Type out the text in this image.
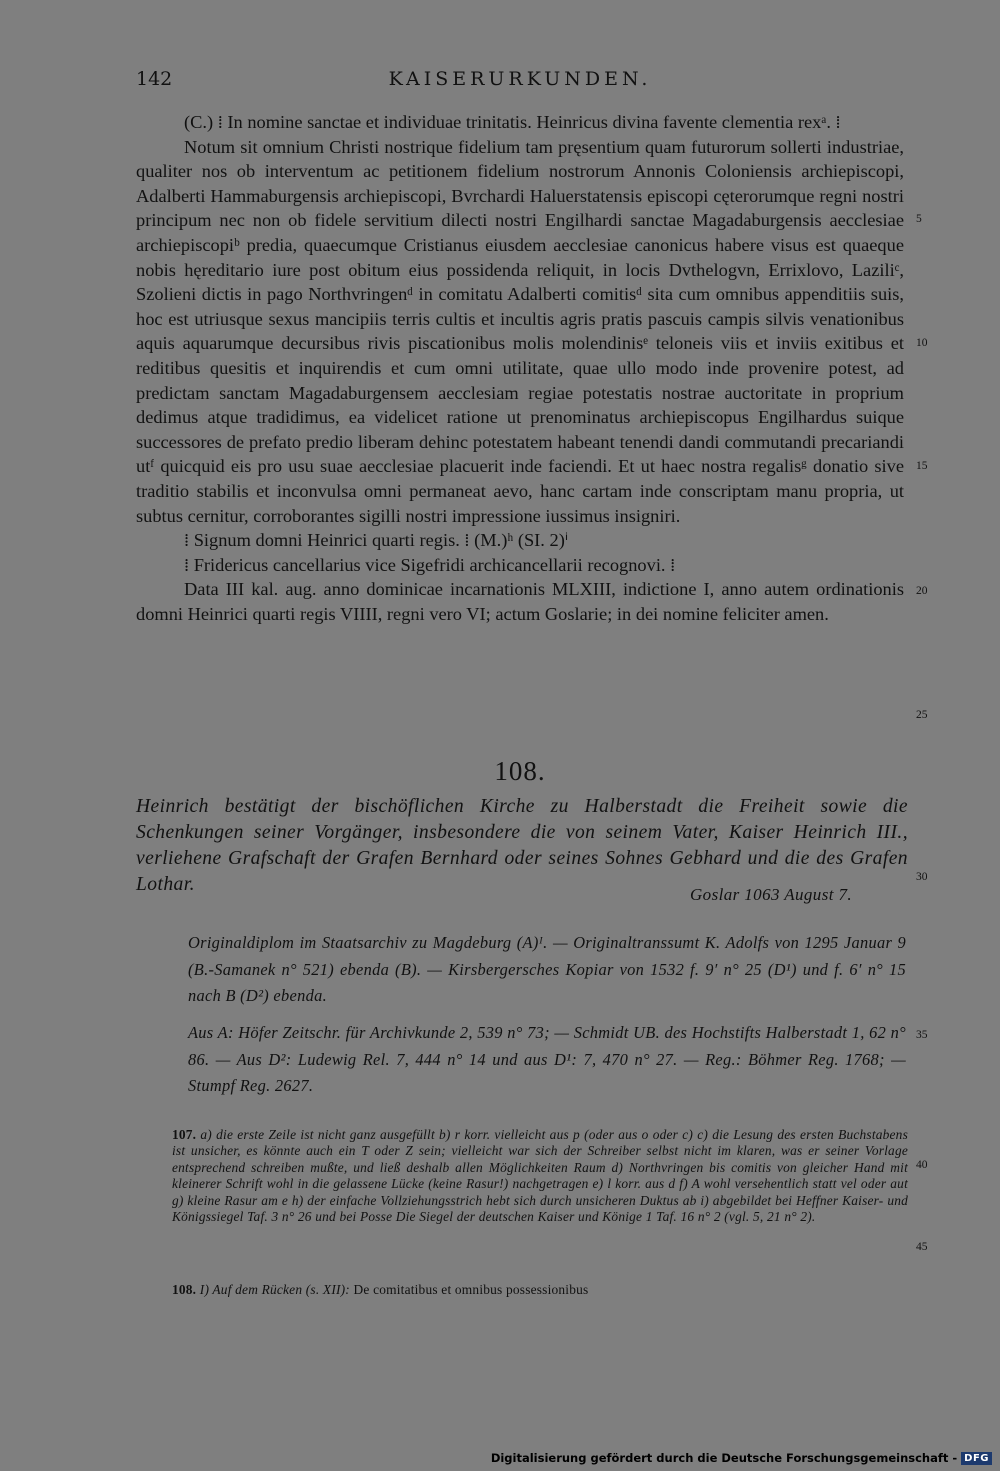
142	KAISERURKUNDEN.

(C.) ⁞ In nomine sanctae et individuae trinitatis. Heinricus divina favente clementia rexᵃ. ⁞

Notum sit omnium Christi nostrique fidelium tam pręsentium quam futurorum sollerti industriae, qualiter nos ob interventum ac petitionem fidelium nostrorum Annonis Coloniensis archiepiscopi, Adalberti Hammaburgensis archiepiscopi, Bvrchardi Haluerstatensis episcopi cęterorumque regni nostri principum nec non ob fidele servitium dilecti nostri Engilhardi sanctae Magadaburgensis aecclesiae archiepiscopiᵇ predia, quaecumque Cristianus eiusdem aecclesiae canonicus habere visus est quaeque nobis hęreditario iure post obitum eius possidenda reliquit, in locis Dvthelogvn, Errixlovo, Laziliᶜ, Szolieni dictis in pago Northvringenᵈ in comitatu Adalberti comitisᵈ sita cum omnibus appenditiis suis, hoc est utriusque sexus mancipiis terris cultis et incultis agris pratis pascuis campis silvis venationibus aquis aquarumque decursibus rivis piscationibus molis molendinisᵉ teloneis viis et inviis exitibus et reditibus quesitis et inquirendis et cum omni utilitate, quae ullo modo inde provenire potest, ad predictam sanctam Magadaburgensem aecclesiam regiae potestatis nostrae auctoritate in proprium dedimus atque tradidimus, ea videlicet ratione ut prenominatus archiepiscopus Engilhardus suique successores de prefato predio liberam dehinc potestatem habeant tenendi dandi commutandi precariandi utᶠ quicquid eis pro usu suae aecclesiae placuerit inde faciendi. Et ut haec nostra regalisᵍ donatio sive traditio stabilis et inconvulsa omni permaneat aevo, hanc cartam inde conscriptam manu propria, ut subtus cernitur, corroborantes sigilli nostri impressione iussimus insigniri.

⁞ Signum domni Heinrici quarti regis. ⁞ (M.)ʰ (SI. 2)ⁱ

⁞ Fridericus cancellarius vice Sigefridi archicancellarii recognovi. ⁞

Data III kal. aug. anno dominicae incarnationis MLXIII, indictione I, anno autem ordinationis domni Heinrici quarti regis VIIII, regni vero VI; actum Goslarie; in dei nomine feliciter amen.

5
10
15
20
25
30
35
40
45
108.
Heinrich bestätigt der bischöflichen Kirche zu Halberstadt die Freiheit sowie die Schenkungen seiner Vorgänger, insbesondere die von seinem Vater, Kaiser Heinrich III., verliehene Grafschaft der Grafen Bernhard oder seines Sohnes Gebhard und die des Grafen Lothar.	Goslar 1063 August 7.
Originaldiplom im Staatsarchiv zu Magdeburg (A)ᴵ. — Originaltranssumt K. Adolfs von 1295 Januar 9 (B.-Samanek n° 521) ebenda (B). — Kirsbergersches Kopiar von 1532 f. 9′ n° 25 (D¹) und f. 6′ n° 15 nach B (D²) ebenda.
Aus A: Höfer Zeitschr. für Archivkunde 2, 539 n° 73; — Schmidt UB. des Hochstifts Halberstadt 1, 62 n° 86. — Aus D²: Ludewig Rel. 7, 444 n° 14 und aus D¹: 7, 470 n° 27. — Reg.: Böhmer Reg. 1768; — Stumpf Reg. 2627.
107. a) die erste Zeile ist nicht ganz ausgefüllt b) r korr. vielleicht aus p (oder aus o oder c) c) die Lesung des ersten Buchstabens ist unsicher, es könnte auch ein T oder Z sein; vielleicht war sich der Schreiber selbst nicht im klaren, was er seiner Vorlage entsprechend schreiben mußte, und ließ deshalb allen Möglichkeiten Raum d) Northvringen bis comitis von gleicher Hand mit kleinerer Schrift wohl in die gelassene Lücke (keine Rasur!) nachgetragen e) l korr. aus d f) A wohl versehentlich statt vel oder aut g) kleine Rasur am e h) der einfache Vollziehungsstrich hebt sich durch unsicheren Duktus ab i) abgebildet bei Heffner Kaiser- und Königssiegel Taf. 3 n° 26 und bei Posse Die Siegel der deutschen Kaiser und Könige 1 Taf. 16 n° 2 (vgl. 5, 21 n° 2).
108. I) Auf dem Rücken (s. XII): De comitatibus et omnibus possessionibus
Digitalisierung gefördert durch die Deutsche Forschungsgemeinschaft - DFG
